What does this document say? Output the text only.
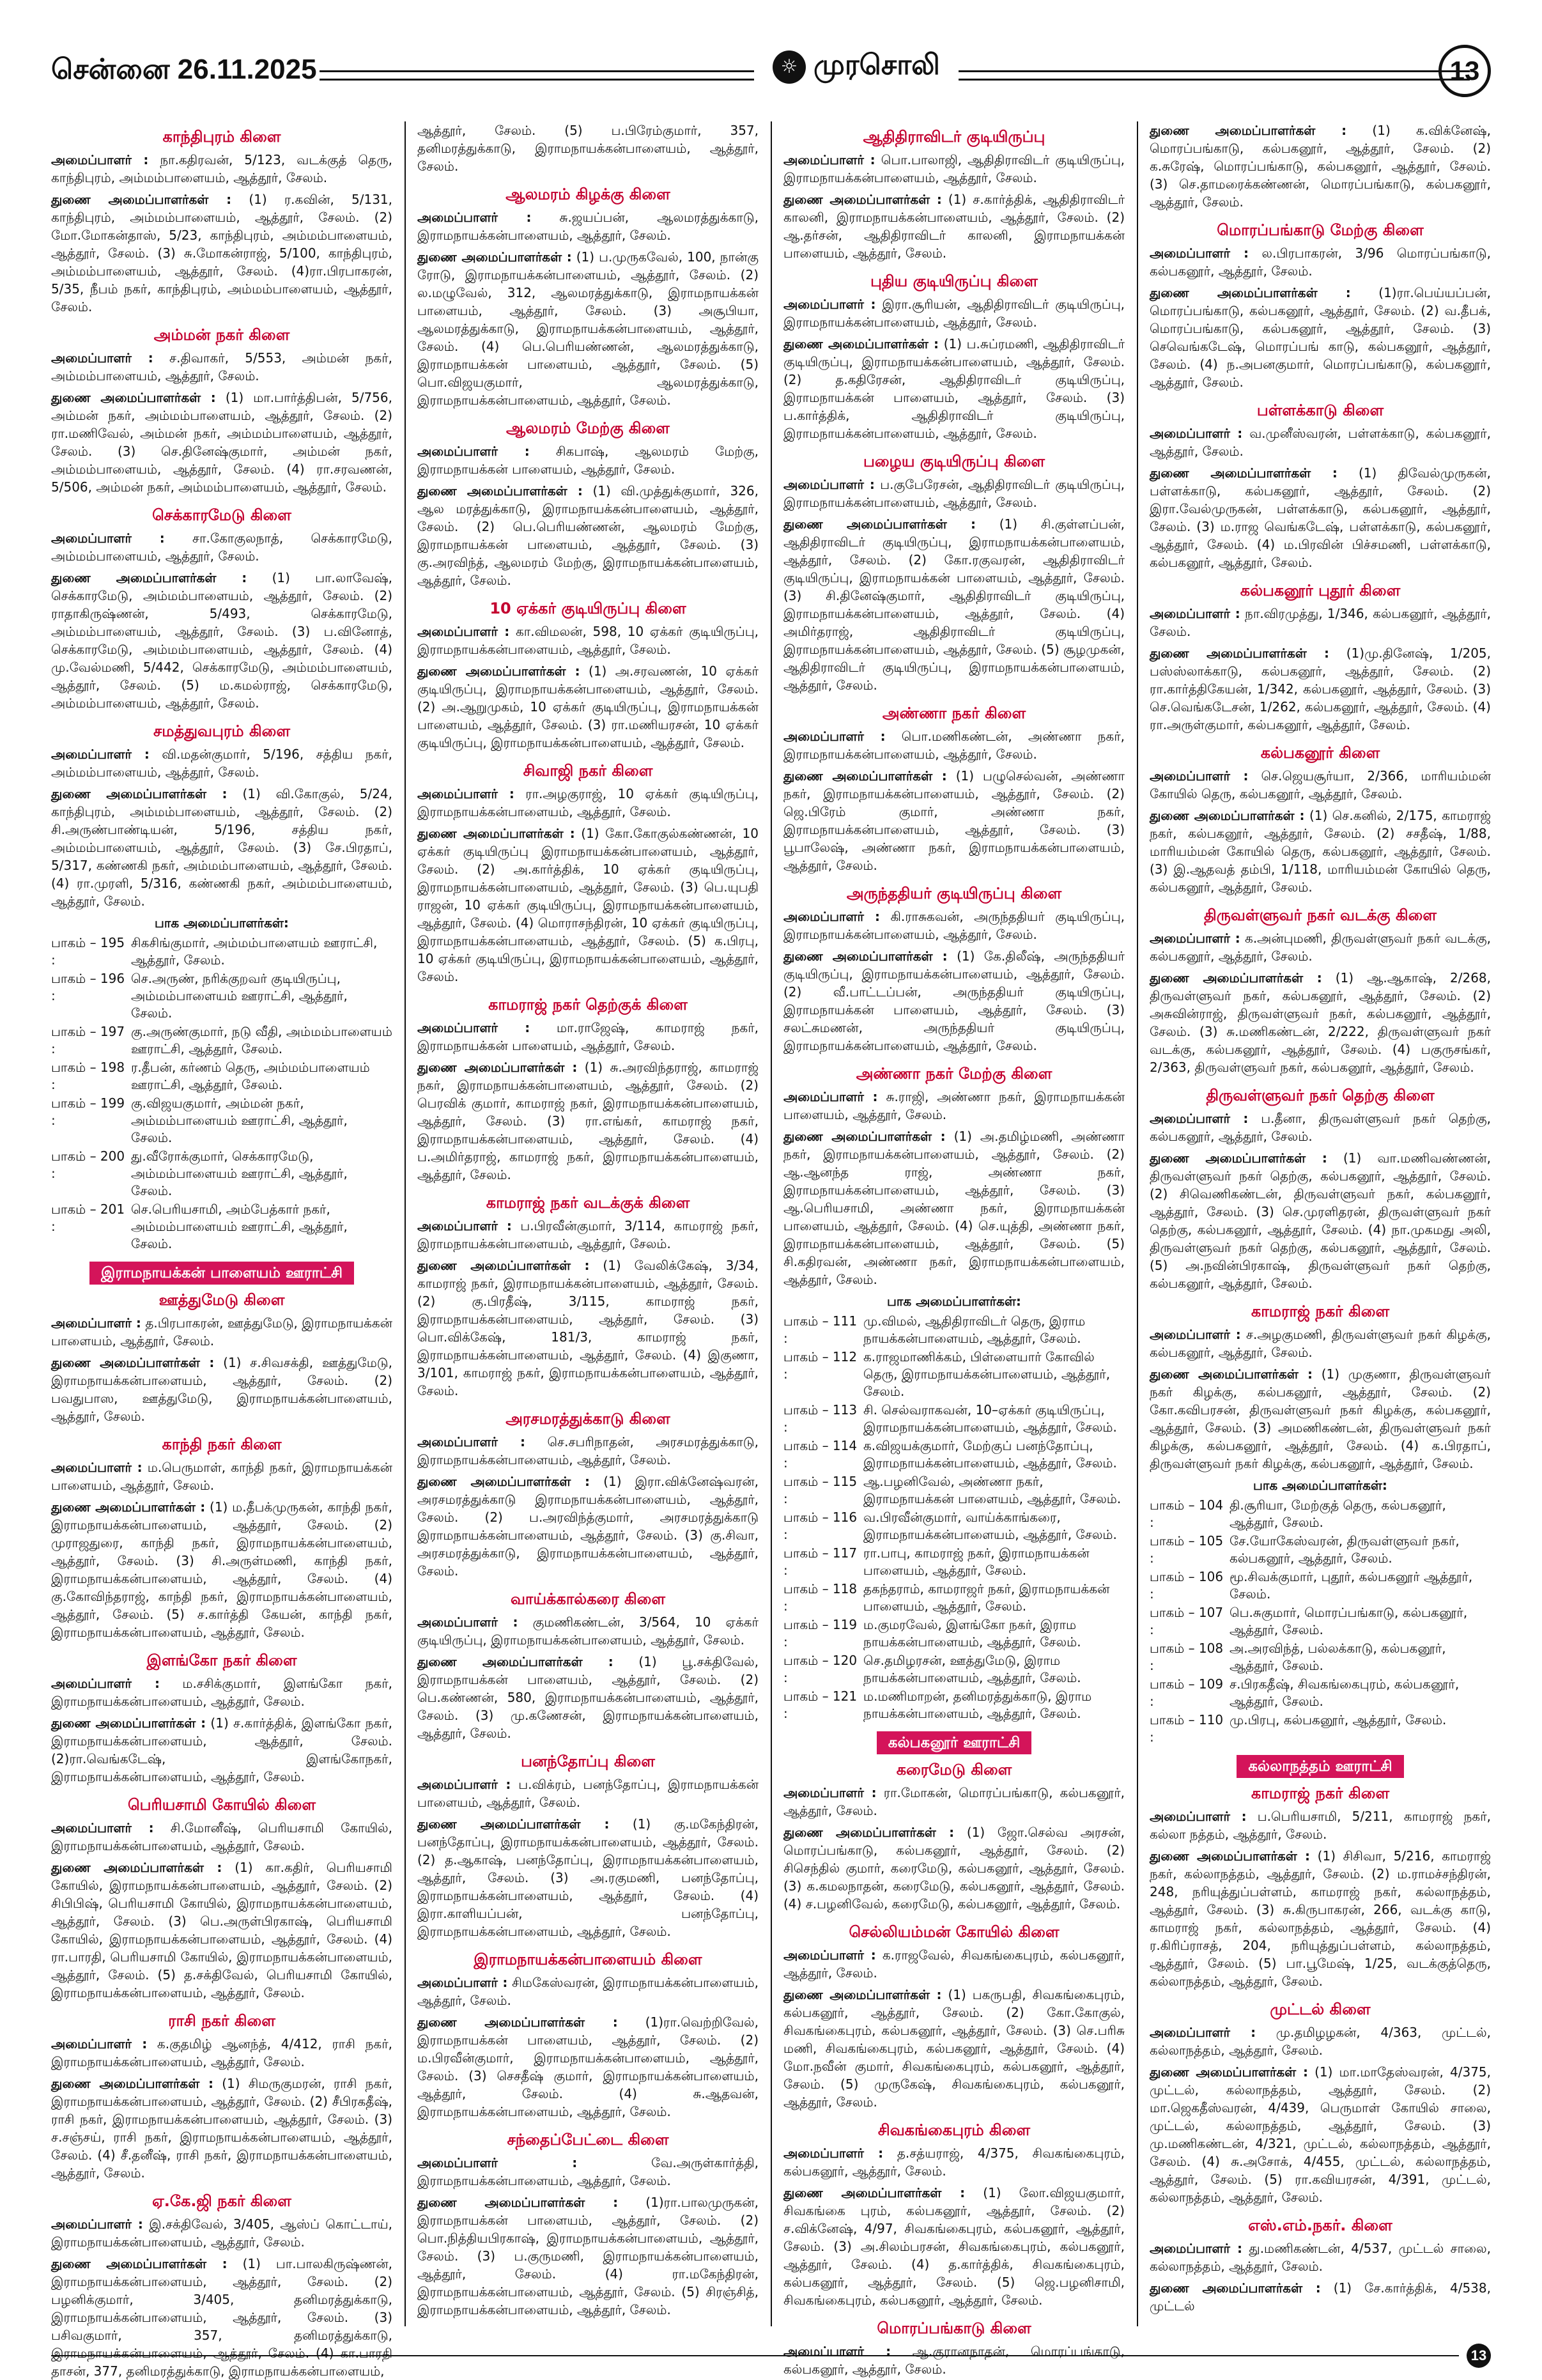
சென்னை 26.11.2025	☼ முரசொலி	13
காந்திபுரம் கிளை
அமைப்பாளர் : நா.கதிரவன், 5/123, வடக்குத் தெரு, காந்திபுரம், அம்மம்பாளையம், ஆத்தூர், சேலம்.
துணை அமைப்பாளர்கள் : (1) ர.கவின், 5/131, காந்திபுரம், அம்மம்பாளையம், ஆத்தூர், சேலம். (2) மோ.மோகன்தாஸ், 5/23, காந்திபுரம், அம்மம்பாளையம், ஆத்தூர், சேலம். (3) சு.மோகன்ராஜ், 5/100, காந்திபுரம், அம்மம்பாளையம், ஆத்தூர், சேலம். (4)ரா.பிரபாகரன், 5/35, நீபம் நகர், காந்திபுரம், அம்மம்பாளையம், ஆத்தூர், சேலம்.
அம்மன் நகர் கிளை
அமைப்பாளர் : ச.திவாகர், 5/553, அம்மன் நகர், அம்மம்பாளையம், ஆத்தூர், சேலம்.
துணை அமைப்பாளர்கள் : (1) மா.பார்த்திபன், 5/756, அம்மன் நகர், அம்மம்பாளையம், ஆத்தூர், சேலம். (2) ரா.மணிவேல், அம்மன் நகர், அம்மம்பாளையம், ஆத்தூர், சேலம். (3) செ.தினேஷ்குமார், அம்மன் நகர், அம்மம்பாளையம், ஆத்தூர், சேலம். (4) ரா.சரவணன், 5/506, அம்மன் நகர், அம்மம்பாளையம், ஆத்தூர், சேலம்.
செக்காரமேடு கிளை
அமைப்பாளர் : சா.கோகுலநாத், செக்காரமேடு, அம்மம்பாளையம், ஆத்தூர், சேலம்.
துணை அமைப்பாளர்கள் : (1) பா.லாவேஷ், செக்காரமேடு, அம்மம்பாளையம், ஆத்தூர், சேலம். (2) ராதாகிருஷ்ணன், 5/493, செக்காரமேடு, அம்மம்பாளையம், ஆத்தூர், சேலம். (3) ப.வினோத், செக்காரமேடு, அம்மம்பாளையம், ஆத்தூர், சேலம். (4) மு.வேல்மணி, 5/442, செக்காரமேடு, அம்மம்பாளையம், ஆத்தூர், சேலம். (5) ம.கமல்ராஜ், செக்காரமேடு, அம்மம்பாளையம், ஆத்தூர், சேலம்.
சமத்துவபுரம் கிளை
அமைப்பாளர் : வி.மதன்குமார், 5/196, சத்திய நகர், அம்மம்பாளையம், ஆத்தூர், சேலம்.
துணை அமைப்பாளர்கள் : (1) வி.கோகுல், 5/24, காந்திபுரம், அம்மம்பாளையம், ஆத்தூர், சேலம். (2) சி.அருண்பாண்டியன், 5/196, சத்திய நகர், அம்மம்பாளையம், ஆத்தூர், சேலம். (3) சே.பிரதாப், 5/317, கண்ணகி நகர், அம்மம்பாளையம், ஆத்தூர், சேலம். (4) ரா.முரளி, 5/316, கண்ணகி நகர், அம்மம்பாளையம், ஆத்தூர், சேலம்.
பாக அமைப்பாளர்கள்:
பாகம் – 195 :
சிகசிங்குமார், அம்மம்பாளையம் ஊராட்சி, ஆத்தூர், சேலம்.
பாகம் – 196 :
செ.அருண், நரிக்குறவர் குடியிருப்பு, அம்மம்பாளையம் ஊராட்சி, ஆத்தூர், சேலம்.
பாகம் – 197 :
கு.அருண்குமார், நடு வீதி, அம்மம்பாளையம் ஊராட்சி, ஆத்தூர், சேலம்.
பாகம் – 198 :
ர.தீபன், கர்ணம் தெரு, அம்மம்பாளையம் ஊராட்சி, ஆத்தூர், சேலம்.
பாகம் – 199 :
கு.விஜயகுமார், அம்மன் நகர், அம்மம்பாளையம் ஊராட்சி, ஆத்தூர், சேலம்.
பாகம் – 200 :
து.வீரோக்குமார், செக்காரமேடு, அம்மம்பாளையம் ஊராட்சி, ஆத்தூர், சேலம்.
பாகம் – 201 :
செ.பெரியசாமி, அம்பேத்கார் நகர், அம்மம்பாளையம் ஊராட்சி, ஆத்தூர், சேலம்.
இராமநாயக்கன் பாளையம் ஊராட்சி
ஊத்துமேடு கிளை
அமைப்பாளர் : த.பிரபாகரன், ஊத்துமேடு, இராமநாயக்கன் பாளையம், ஆத்தூர், சேலம்.
துணை அமைப்பாளர்கள் : (1) ச.சிவசக்தி, ஊத்துமேடு, இராமநாயக்கன்பாளையம், ஆத்தூர், சேலம். (2) பவதுபாஸ, ஊத்துமேடு, இராமநாயக்கன்பாளையம், ஆத்தூர், சேலம்.
காந்தி நகர் கிளை
அமைப்பாளர் : ம.பெருமாள், காந்தி நகர், இராமநாயக்கன் பாளையம், ஆத்தூர், சேலம்.
துணை அமைப்பாளர்கள் : (1) ம.தீபக்முருகன், காந்தி நகர், இராமநாயக்கன்பாளையம், ஆத்தூர், சேலம். (2) முராஜதுரை, காந்தி நகர், இராமநாயக்கன்பாளையம், ஆத்தூர், சேலம். (3) சி.அருள்மணி, காந்தி நகர், இராமநாயக்கன்பாளையம், ஆத்தூர், சேலம். (4) கு.கோவிந்தராஜ், காந்தி நகர், இராமநாயக்கன்பாளையம், ஆத்தூர், சேலம். (5) ச.கார்த்தி கேயன், காந்தி நகர், இராமநாயக்கன்பாளையம், ஆத்தூர், சேலம்.
இளங்கோ நகர் கிளை
அமைப்பாளர் : ம.சசிக்குமார், இளங்கோ நகர், இராமநாயக்கன்பாளையம், ஆத்தூர், சேலம்.
துணை அமைப்பாளர்கள் : (1) ச.கார்த்திக், இளங்கோ நகர், இராமநாயக்கன்பாளையம், ஆத்தூர், சேலம். (2)ரா.வெங்கடேஷ், இளங்கோநகர், இராமநாயக்கன்பாளையம், ஆத்தூர், சேலம்.
பெரியசாமி கோயில் கிளை
அமைப்பாளர் : சி.மோனீஷ், பெரியசாமி கோயில், இராமநாயக்கன்பாளையம், ஆத்தூர், சேலம்.
துணை அமைப்பாளர்கள் : (1) கா.கதிர், பெரியசாமி கோயில், இராமநாயக்கன்பாளையம், ஆத்தூர், சேலம். (2) சிபிபிஷ், பெரியசாமி கோயில், இராமநாயக்கன்பாளையம், ஆத்தூர், சேலம். (3) பெ.அருள்பிரகாஷ், பெரியசாமி கோயில், இராமநாயக்கன்பாளையம், ஆத்தூர், சேலம். (4) ரா.பாரதி, பெரியசாமி கோயில், இராமநாயக்கன்பாளையம், ஆத்தூர், சேலம். (5) த.சக்திவேல், பெரியசாமி கோயில், இராமநாயக்கன்பாளையம், ஆத்தூர், சேலம்.
ராசி நகர் கிளை
அமைப்பாளர் : க.குதமிழ் ஆனந்த், 4/412, ராசி நகர், இராமநாயக்கன்பாளையம், ஆத்தூர், சேலம்.
துணை அமைப்பாளர்கள் : (1) சிமருகுமரன், ராசி நகர், இராமநாயக்கன்பாளையம், ஆத்தூர், சேலம். (2) சீபிரகதீஷ், ராசி நகர், இராமநாயக்கன்பாளையம், ஆத்தூர், சேலம். (3) ச.சஞ்சய், ராசி நகர், இராமநாயக்கன்பாளையம், ஆத்தூர், சேலம். (4) சீ.தனீஷ், ராசி நகர், இராமநாயக்கன்பாளையம், ஆத்தூர், சேலம்.
ஏ.கே.ஜி நகர் கிளை
அமைப்பாளர் : இ.சக்திவேல், 3/405, ஆஸ்ப் கொட்டாய், இராமநாயக்கன்பாளையம், ஆத்தூர், சேலம்.
துணை அமைப்பாளர்கள் : (1) பா.பாலகிருஷ்ணன், இராமநாயக்கன்பாளையம், ஆத்தூர், சேலம். (2) பழனிக்குமார், 3/405, தனிமரத்துக்காடு, இராமநாயக்கன்பாளையம், ஆத்தூர், சேலம். (3) பசிவகுமார், 357, தனிமரத்துக்காடு, இராமநாயக்கன்பாளையம், ஆத்தூர், சேலம். (4) கா.பாரதி தாசன், 377, தனிமரத்துக்காடு, இராமநாயக்கன்பாளையம்,
ஆத்தூர், சேலம். (5) ப.பிரேம்குமார், 357, தனிமரத்துக்காடு, இராமநாயக்கன்பாளையம், ஆத்தூர், சேலம்.
ஆலமரம் கிழக்கு கிளை
அமைப்பாளர் : சு.ஜயப்பன், ஆலமரத்துக்காடு, இராமநாயக்கன்பாளையம், ஆத்தூர், சேலம்.
துணை அமைப்பாளர்கள் : (1) ப.முருகவேல், 100, நான்கு ரோடு, இராமநாயக்கன்பாளையம், ஆத்தூர், சேலம். (2) ல.மழுவேல், 312, ஆலமரத்துக்காடு, இராமநாயக்கன் பாளையம், ஆத்தூர், சேலம். (3) அசூபியா, ஆலமரத்துக்காடு, இராமநாயக்கன்பாளையம், ஆத்தூர், சேலம். (4) பெ.பெரியண்ணன், ஆலமரத்துக்காடு, இராமநாயக்கன் பாளையம், ஆத்தூர், சேலம். (5) பொ.விஜயகுமார், ஆலமரத்துக்காடு, இராமநாயக்கன்பாளையம், ஆத்தூர், சேலம்.
ஆலமரம் மேற்கு கிளை
அமைப்பாளர் : சிகபாஷ், ஆலமரம் மேற்கு, இராமநாயக்கன் பாளையம், ஆத்தூர், சேலம்.
துணை அமைப்பாளர்கள் : (1) வி.முத்துக்குமார், 326, ஆல மரத்துக்காடு, இராமநாயக்கன்பாளையம், ஆத்தூர், சேலம். (2) பெ.பெரியண்ணன், ஆலமரம் மேற்கு, இராமநாயக்கன் பாளையம், ஆத்தூர், சேலம். (3) கு.அரவிந்த், ஆலமரம் மேற்கு, இராமநாயக்கன்பாளையம், ஆத்தூர், சேலம்.
10 ஏக்கர் குடியிருப்பு கிளை
அமைப்பாளர் : கா.விமலன், 598, 10 ஏக்கர் குடியிருப்பு, இராமநாயக்கன்பாளையம், ஆத்தூர், சேலம்.
துணை அமைப்பாளர்கள் : (1) அ.சரவணன், 10 ஏக்கர் குடியிருப்பு, இராமநாயக்கன்பாளையம், ஆத்தூர், சேலம். (2) அ.ஆறுமுகம், 10 ஏக்கர் குடியிருப்பு, இராமநாயக்கன் பாளையம், ஆத்தூர், சேலம். (3) ரா.மணியரசன், 10 ஏக்கர் குடியிருப்பு, இராமநாயக்கன்பாளையம், ஆத்தூர், சேலம்.
சிவாஜி நகர் கிளை
அமைப்பாளர் : ரா.அழகுராஜ், 10 ஏக்கர் குடியிருப்பு, இராமநாயக்கன்பாளையம், ஆத்தூர், சேலம்.
துணை அமைப்பாளர்கள் : (1) கோ.கோகுல்கண்ணன், 10 ஏக்கர் குடியிருப்பு இராமநாயக்கன்பாளையம், ஆத்தூர், சேலம். (2) அ.கார்த்திக், 10 ஏக்கர் குடியிருப்பு, இராமநாயக்கன்பாளையம், ஆத்தூர், சேலம். (3) பெ.யுபதி ராஜன், 10 ஏக்கர் குடியிருப்பு, இராமநாயக்கன்பாளையம், ஆத்தூர், சேலம். (4) மொராசந்திரன், 10 ஏக்கர் குடியிருப்பு, இராமநாயக்கன்பாளையம், ஆத்தூர், சேலம். (5) க.பிரபு, 10 ஏக்கர் குடியிருப்பு, இராமநாயக்கன்பாளையம், ஆத்தூர், சேலம்.
காமராஜ் நகர் தெற்குக் கிளை
அமைப்பாளர் : மா.ராஜேஷ், காமராஜ் நகர், இராமநாயக்கன் பாளையம், ஆத்தூர், சேலம்.
துணை அமைப்பாளர்கள் : (1) சு.அரவிந்தராஜ், காமராஜ் நகர், இராமநாயக்கன்பாளையம், ஆத்தூர், சேலம். (2) பெரவிக் குமார், காமராஜ் நகர், இராமநாயக்கன்பாளையம், ஆத்தூர், சேலம். (3) ரா.எங்கர், காமராஜ் நகர், இராமநாயக்கன்பாளையம், ஆத்தூர், சேலம். (4) ப.அமிர்தராஜ், காமராஜ் நகர், இராமநாயக்கன்பாளையம், ஆத்தூர், சேலம்.
காமராஜ் நகர் வடக்குக் கிளை
அமைப்பாளர் : ப.பிரவீன்குமார், 3/114, காமராஜ் நகர், இராமநாயக்கன்பாளையம், ஆத்தூர், சேலம்.
துணை அமைப்பாளர்கள் : (1) வேலிக்கேஷ், 3/34, காமராஜ் நகர், இராமநாயக்கன்பாளையம், ஆத்தூர், சேலம். (2) கு.பிரதீஷ், 3/115, காமராஜ் நகர், இராமநாயக்கன்பாளையம், ஆத்தூர், சேலம். (3) பொ.விக்கேஷ், 181/3, காமராஜ் நகர், இராமநாயக்கன்பாளையம், ஆத்தூர், சேலம். (4) இகுணா, 3/101, காமராஜ் நகர், இராமநாயக்கன்பாளையம், ஆத்தூர், சேலம்.
அரசமரத்துக்காடு கிளை
அமைப்பாளர் : செ.சபரிநாதன், அரசமரத்துக்காடு, இராமநாயக்கன்பாளையம், ஆத்தூர், சேலம்.
துணை அமைப்பாளர்கள் : (1) இரா.விக்னேஷ்வரன், அரசமரத்துக்காடு இராமநாயக்கன்பாளையம், ஆத்தூர், சேலம். (2) ப.அரவிந்த்குமார், அரசமரத்துக்காடு இராமநாயக்கன்பாளையம், ஆத்தூர், சேலம். (3) கு.சிவா, அரசமரத்துக்காடு, இராமநாயக்கன்பாளையம், ஆத்தூர், சேலம்.
வாய்க்கால்கரை கிளை
அமைப்பாளர் : குமணிகண்டன், 3/564, 10 ஏக்கர் குடியிருப்பு, இராமநாயக்கன்பாளையம், ஆத்தூர், சேலம்.
துணை அமைப்பாளர்கள் : (1) பூ.சக்திவேல், இராமநாயக்கன் பாளையம், ஆத்தூர், சேலம். (2) பெ.கண்ணன், 580, இராமநாயக்கன்பாளையம், ஆத்தூர், சேலம். (3) மு.கணேசன், இராமநாயக்கன்பாளையம், ஆத்தூர், சேலம்.
பனந்தோப்பு கிளை
அமைப்பாளர் : ப.விக்ரம், பனந்தோப்பு, இராமநாயக்கன் பாளையம், ஆத்தூர், சேலம்.
துணை அமைப்பாளர்கள் : (1) கு.மகேந்திரன், பனந்தோப்பு, இராமநாயக்கன்பாளையம், ஆத்தூர், சேலம். (2) த.ஆகாஷ், பனந்தோப்பு, இராமநாயக்கன்பாளையம், ஆத்தூர், சேலம். (3) அ.ரகுமணி, பனந்தோப்பு, இராமநாயக்கன்பாளையம், ஆத்தூர், சேலம். (4) இரா.காளியப்பன், பனந்தோப்பு, இராமநாயக்கன்பாளையம், ஆத்தூர், சேலம்.
இராமநாயக்கன்பாளையம் கிளை
அமைப்பாளர் : சிமகேஸ்வரன், இராமநாயக்கன்பாளையம், ஆத்தூர், சேலம்.
துணை அமைப்பாளர்கள் : (1)ரா.வெற்றிவேல், இராமநாயக்கன் பாளையம், ஆத்தூர், சேலம். (2) ம.பிரவீன்குமார், இராமநாயக்கன்பாளையம், ஆத்தூர், சேலம். (3) செசதீஷ் குமார், இராமநாயக்கன்பாளையம், ஆத்தூர், சேலம். (4) சு.ஆதவன், இராமநாயக்கன்பாளையம், ஆத்தூர், சேலம்.
சந்தைப்பேட்டை கிளை
அமைப்பாளர் :	வே.அருள்கார்த்தி, இராமநாயக்கன்பாளையம், ஆத்தூர், சேலம்.
துணை அமைப்பாளர்கள் : (1)ரா.பாலமுருகன், இராமநாயக்கன் பாளையம், ஆத்தூர், சேலம். (2) பொ.நித்தியபிரகாஷ், இராமநாயக்கன்பாளையம், ஆத்தூர், சேலம். (3) ப.குருமணி, இராமநாயக்கன்பாளையம், ஆத்தூர், சேலம். (4) ரா.மகேந்திரன், இராமநாயக்கன்பாளையம், ஆத்தூர், சேலம். (5) சிரஞ்சித், இராமநாயக்கன்பாளையம், ஆத்தூர், சேலம்.
ஆதிதிராவிடர் குடியிருப்பு
அமைப்பாளர் : பொ.பாலாஜி, ஆதிதிராவிடர் குடியிருப்பு, இராமநாயக்கன்பாளையம், ஆத்தூர், சேலம்.
துணை அமைப்பாளர்கள் : (1) ச.கார்த்திக், ஆதிதிராவிடர் காலனி, இராமநாயக்கன்பாளையம், ஆத்தூர், சேலம். (2) ஆ.தர்சன், ஆதிதிராவிடர் காலனி, இராமநாயக்கன் பாளையம், ஆத்தூர், சேலம்.
புதிய குடியிருப்பு கிளை
அமைப்பாளர் : இரா.சூரியன், ஆதிதிராவிடர் குடியிருப்பு, இராமநாயக்கன்பாளையம், ஆத்தூர், சேலம்.
துணை அமைப்பாளர்கள் : (1) ப.சுப்ரமணி, ஆதிதிராவிடர் குடியிருப்பு, இராமநாயக்கன்பாளையம், ஆத்தூர், சேலம். (2) த.கதிரேசன், ஆதிதிராவிடர் குடியிருப்பு, இராமநாயக்கன் பாளையம், ஆத்தூர், சேலம். (3) ப.கார்த்திக், ஆதிதிராவிடர் குடியிருப்பு, இராமநாயக்கன்பாளையம், ஆத்தூர், சேலம்.
பழைய குடியிருப்பு கிளை
அமைப்பாளர் : ப.குபேரேசன், ஆதிதிராவிடர் குடியிருப்பு, இராமநாயக்கன்பாளையம், ஆத்தூர், சேலம்.
துணை அமைப்பாளர்கள் : (1) சி.குள்ளப்பன், ஆதிதிராவிடர் குடியிருப்பு, இராமநாயக்கன்பாளையம், ஆத்தூர், சேலம். (2) கோ.ரகுவரன், ஆதிதிராவிடர் குடியிருப்பு, இராமநாயக்கன் பாளையம், ஆத்தூர், சேலம். (3) சி.தினேஷ்குமார், ஆதிதிராவிடர் குடியிருப்பு, இராமநாயக்கன்பாளையம், ஆத்தூர், சேலம். (4) அமிர்தராஜ், ஆதிதிராவிடர் குடியிருப்பு, இராமநாயக்கன்பாளையம், ஆத்தூர், சேலம். (5) சூழமுகன், ஆதிதிராவிடர் குடியிருப்பு, இராமநாயக்கன்பாளையம், ஆத்தூர், சேலம்.
அண்ணா நகர் கிளை
அமைப்பாளர் : பொ.மணிகண்டன், அண்ணா நகர், இராமநாயக்கன்பாளையம், ஆத்தூர், சேலம்.
துணை அமைப்பாளர்கள் : (1) பழுசெல்வன், அண்ணா நகர், இராமநாயக்கன்பாளையம், ஆத்தூர், சேலம். (2) ஜெ.பிரேம் குமார், அண்ணா நகர், இராமநாயக்கன்பாளையம், ஆத்தூர், சேலம். (3) பூபாலேஷ், அண்ணா நகர், இராமநாயக்கன்பாளையம், ஆத்தூர், சேலம்.
அருந்ததியர் குடியிருப்பு கிளை
அமைப்பாளர் : கி.ராசுகவன், அருந்ததியர் குடியிருப்பு, இராமநாயக்கன்பாளையம், ஆத்தூர், சேலம்.
துணை அமைப்பாளர்கள் : (1) கே.திலீஷ், அருந்ததியர் குடியிருப்பு, இராமநாயக்கன்பாளையம், ஆத்தூர், சேலம். (2) வீ.பாட்டப்பன், அருந்ததியர் குடியிருப்பு, இராமநாயக்கன் பாளையம், ஆத்தூர், சேலம். (3) சலட்சுமணன், அருந்ததியர் குடியிருப்பு, இராமநாயக்கன்பாளையம், ஆத்தூர், சேலம்.
அண்ணா நகர் மேற்கு கிளை
அமைப்பாளர் : சு.ராஜி, அண்ணா நகர், இராமநாயக்கன் பாளையம், ஆத்தூர், சேலம்.
துணை அமைப்பாளர்கள் : (1) அ.தமிழ்மணி, அண்ணா நகர், இராமநாயக்கன்பாளையம், ஆத்தூர், சேலம். (2) ஆ.ஆனந்த ராஜ், அண்ணா நகர், இராமநாயக்கன்பாளையம், ஆத்தூர், சேலம். (3) ஆ.பெரியசாமி, அண்ணா நகர், இராமநாயக்கன் பாளையம், ஆத்தூர், சேலம். (4) செ.யுத்தி, அண்ணா நகர், இராமநாயக்கன்பாளையம், ஆத்தூர், சேலம். (5) சி.கதிரவன், அண்ணா நகர், இராமநாயக்கன்பாளையம், ஆத்தூர், சேலம்.
பாக அமைப்பாளர்கள்:
பாகம் – 111 :
மு.விமல், ஆதிதிராவிடர் தெரு, இராம நாயக்கன்பாளையம், ஆத்தூர், சேலம்.
பாகம் – 112 :
க.ராஜமாணிக்கம், பிள்ளையார் கோவில் தெரு, இராமநாயக்கன்பாளையம், ஆத்தூர், சேலம்.
பாகம் – 113 :
சி. செல்வராகவன், 10–ஏக்கர் குடியிருப்பு, இராமநாயக்கன்பாளையம், ஆத்தூர், சேலம்.
பாகம் – 114 :
க.விஜயக்குமார், மேற்குப் பனந்தோப்பு, இராமநாயக்கன்பாளையம், ஆத்தூர், சேலம்.
பாகம் – 115 :
ஆ.பழனிவேல், அண்ணா நகர், இராமநாயக்கன் பாளையம், ஆத்தூர், சேலம்.
பாகம் – 116 :
வ.பிரவீன்குமார், வாய்க்காங்கரை, இராமநாயக்கன்பாளையம், ஆத்தூர், சேலம்.
பாகம் – 117 :
ரா.பாபு, காமராஜ் நகர், இராமநாயக்கன் பாளையம், ஆத்தூர், சேலம்.
பாகம் – 118 :
தகந்தராம், காமராஜர் நகர், இராமநாயக்கன் பாளையம், ஆத்தூர், சேலம்.
பாகம் – 119 :
ம.குமரவேல், இளங்கோ நகர், இராம நாயக்கன்பாளையம், ஆத்தூர், சேலம்.
பாகம் – 120 :
செ.தமிழரசன், ஊத்துமேடு, இராம நாயக்கன்பாளையம், ஆத்தூர், சேலம்.
பாகம் – 121 :
ம.மணிமாறன், தனிமரத்துக்காடு, இராம நாயக்கன்பாளையம், ஆத்தூர், சேலம்.
கல்பகனூர் ஊராட்சி
கரைமேடு கிளை
அமைப்பாளர் : ரா.மோகன், மொரப்பங்காடு, கல்பகனூர், ஆத்தூர், சேலம்.
துணை அமைப்பாளர்கள் : (1) ஜோ.செல்வ அரசன், மொரப்பங்காடு, கல்பகனூர், ஆத்தூர், சேலம். (2) சிசெந்தில் குமார், கரைமேடு, கல்பகனூர், ஆத்தூர், சேலம். (3) க.கமலநாதன், கரைமேடு, கல்பகனூர், ஆத்தூர், சேலம். (4) ச.பழனிவேல், கரைமேடு, கல்பகனூர், ஆத்தூர், சேலம்.
செல்லியம்மன் கோயில் கிளை
அமைப்பாளர் : க.ராஜவேல், சிவகங்கைபுரம், கல்பகனூர், ஆத்தூர், சேலம்.
துணை அமைப்பாளர்கள் : (1) பகருபதி, சிவகங்கைபுரம், கல்பகனூர், ஆத்தூர், சேலம். (2) கோ.கோகுல், சிவகங்கைபுரம், கல்பகனூர், ஆத்தூர், சேலம். (3) செ.பரிசு மணி, சிவகங்கைபுரம், கல்பகனூர், ஆத்தூர், சேலம். (4) மோ.நவீன் குமார், சிவகங்கைபுரம், கல்பகனூர், ஆத்தூர், சேலம். (5) முருகேஷ், சிவகங்கைபுரம், கல்பகனூர், ஆத்தூர், சேலம்.
சிவகங்கைபுரம் கிளை
அமைப்பாளர் : த.சத்யராஜ், 4/375, சிவகங்கைபுரம், கல்பகனூர், ஆத்தூர், சேலம்.
துணை அமைப்பாளர்கள் : (1) லோ.விஜயகுமார், சிவகங்கை புரம், கல்பகனூர், ஆத்தூர், சேலம். (2) ச.விக்னேஷ், 4/97, சிவகங்கைபுரம், கல்பகனூர், ஆத்தூர், சேலம். (3) அ.சிலம்பரசன், சிவகங்கைபுரம், கல்பகனூர், ஆத்தூர், சேலம். (4) த.கார்த்திக், சிவகங்கைபுரம், கல்பகனூர், ஆத்தூர், சேலம். (5) ஜெ.பழனிசாமி, சிவகங்கைபுரம், கல்பகனூர், ஆத்தூர், சேலம்.
மொரப்பங்காடு கிளை
அமைப்பாளர் : ஆ.குரானநாதன், மொரப்பங்காடு, கல்பகனூர், ஆத்தூர், சேலம்.
துணை அமைப்பாளர்கள் : (1) க.விக்னேஷ், மொரப்பங்காடு, கல்பகனூர், ஆத்தூர், சேலம். (2) க.சுரேஷ், மொரப்பங்காடு, கல்பகனூர், ஆத்தூர், சேலம். (3) செ.தாமரைக்கண்ணன், மொரப்பங்காடு, கல்பகனூர், ஆத்தூர், சேலம்.
மொரப்பங்காடு மேற்கு கிளை
அமைப்பாளர் : ல.பிரபாகரன், 3/96 மொரப்பங்காடு, கல்பகனூர், ஆத்தூர், சேலம்.
துணை அமைப்பாளர்கள் : (1)ரா.பெய்யப்பன், மொரப்பங்காடு, கல்பகனூர், ஆத்தூர், சேலம். (2) வ.தீபக், மொரப்பங்காடு, கல்பகனூர், ஆத்தூர், சேலம். (3) செவெங்கடேஷ், மொரப்பங் காடு, கல்பகனூர், ஆத்தூர், சேலம். (4) ந.அபனகுமார், மொரப்பங்காடு, கல்பகனூர், ஆத்தூர், சேலம்.
பள்ளக்காடு கிளை
அமைப்பாளர் : வ.முனீஸ்வரன், பள்ளக்காடு, கல்பகனூர், ஆத்தூர், சேலம்.
துணை அமைப்பாளர்கள் : (1) திவேல்முருகன், பள்ளக்காடு, கல்பகனூர், ஆத்தூர், சேலம். (2) இரா.வேல்முருகன், பள்ளக்காடு, கல்பகனூர், ஆத்தூர், சேலம். (3) ம.ராஜ வெங்கடேஷ், பள்ளக்காடு, கல்பகனூர், ஆத்தூர், சேலம். (4) ம.பிரவின் பிச்சமணி, பள்ளக்காடு, கல்பகனூர், ஆத்தூர், சேலம்.
கல்பகனூர் புதூர் கிளை
அமைப்பாளர் : நா.விரமுத்து, 1/346, கல்பகனூர், ஆத்தூர், சேலம்.
துணை அமைப்பாளர்கள் : (1)மு.தினேஷ், 1/205, பஸ்ஸ்லாக்காடு, கல்பகனூர், ஆத்தூர், சேலம். (2) ரா.கார்த்திகேயன், 1/342, கல்பகனூர், ஆத்தூர், சேலம். (3) செ.வெங்கடேசன், 1/262, கல்பகனூர், ஆத்தூர், சேலம். (4) ரா.அருள்குமார், கல்பகனூர், ஆத்தூர், சேலம்.
கல்பகனூர் கிளை
அமைப்பாளர் : செ.ஜெயசூர்யா, 2/366, மாரியம்மன் கோயில் தெரு, கல்பகனூர், ஆத்தூர், சேலம்.
துணை அமைப்பாளர்கள் : (1) செ.கனில், 2/175, காமராஜ் நகர், கல்பகனூர், ஆத்தூர், சேலம். (2) சசதீஷ், 1/88, மாரியம்மன் கோயில் தெரு, கல்பகனூர், ஆத்தூர், சேலம். (3) இ.ஆதவத் தம்பி, 1/118, மாரியம்மன் கோயில் தெரு, கல்பகனூர், ஆத்தூர், சேலம்.
திருவள்ளுவர் நகர் வடக்கு கிளை
அமைப்பாளர் : க.அன்புமணி, திருவள்ளுவர் நகர் வடக்கு, கல்பகனூர், ஆத்தூர், சேலம்.
துணை அமைப்பாளர்கள் : (1) ஆ.ஆகாஷ், 2/268, திருவள்ளுவர் நகர், கல்பகனூர், ஆத்தூர், சேலம். (2) அசுவின்ராஜ், திருவள்ளுவர் நகர், கல்பகனூர், ஆத்தூர், சேலம். (3) சு.மணிகண்டன், 2/222, திருவள்ளுவர் நகர் வடக்கு, கல்பகனூர், ஆத்தூர், சேலம். (4) பகுருசங்கர், 2/363, திருவள்ளுவர் நகர், கல்பகனூர், ஆத்தூர், சேலம்.
திருவள்ளுவர் நகர் தெற்கு கிளை
அமைப்பாளர் : ப.தீனா, திருவள்ளுவர் நகர் தெற்கு, கல்பகனூர், ஆத்தூர், சேலம்.
துணை அமைப்பாளர்கள் : (1) வா.மணிவண்ணன், திருவள்ளுவர் நகர் தெற்கு, கல்பகனூர், ஆத்தூர், சேலம். (2) சிவெணிகண்டன், திருவள்ளுவர் நகர், கல்பகனூர், ஆத்தூர், சேலம். (3) செ.முரளிதரன், திருவள்ளுவர் நகர் தெற்கு, கல்பகனூர், ஆத்தூர், சேலம். (4) நா.முகமது அலி, திருவள்ளுவர் நகர் தெற்கு, கல்பகனூர், ஆத்தூர், சேலம். (5) அ.நவின்பிரகாஷ், திருவள்ளுவர் நகர் தெற்கு, கல்பகனூர், ஆத்தூர், சேலம்.
காமராஜ் நகர் கிளை
அமைப்பாளர் : ச.அழகுமணி, திருவள்ளுவர் நகர் கிழக்கு, கல்பகனூர், ஆத்தூர், சேலம்.
துணை அமைப்பாளர்கள் : (1) முகுணா, திருவள்ளுவர் நகர் கிழக்கு, கல்பகனூர், ஆத்தூர், சேலம். (2) கோ.கவிபரசன், திருவள்ளுவர் நகர் கிழக்கு, கல்பகனூர், ஆத்தூர், சேலம். (3) அமணிகண்டன், திருவள்ளுவர் நகர் கிழக்கு, கல்பகனூர், ஆத்தூர், சேலம். (4) க.பிரதாப், திருவள்ளுவர் நகர் கிழக்கு, கல்பகனூர், ஆத்தூர், சேலம்.
பாக அமைப்பாளர்கள்:
பாகம் – 104 :
தி.சூரியா, மேற்குத் தெரு, கல்பகனூர், ஆத்தூர், சேலம்.
பாகம் – 105 :
சே.யோகேஸ்வரன், திருவள்ளுவர் நகர், கல்பகனூர், ஆத்தூர், சேலம்.
பாகம் – 106 :
மூ.சிவக்குமார், புதூர், கல்பகனூர் ஆத்தூர், சேலம்.
பாகம் – 107 :
பெ.சுகுமார், மொரப்பங்காடு, கல்பகனூர், ஆத்தூர், சேலம்.
பாகம் – 108 :
அ.அரவிந்த், பல்லக்காடு, கல்பகனூர், ஆத்தூர், சேலம்.
பாகம் – 109 :
ச.பிரகதீஷ், சிவகங்கைபுரம், கல்பகனூர், ஆத்தூர், சேலம்.
பாகம் – 110 :
மு.பிரபு, கல்பகனூர், ஆத்தூர், சேலம்.
கல்லாநத்தம் ஊராட்சி
காமராஜ் நகர் கிளை
அமைப்பாளர் : ப.பெரியசாமி, 5/211, காமராஜ் நகர், கல்லா நத்தம், ஆத்தூர், சேலம்.
துணை அமைப்பாளர்கள் : (1) சிசிவா, 5/216, காமராஜ் நகர், கல்லாநத்தம், ஆத்தூர், சேலம். (2) ம.ராமச்சந்திரன், 248, நரியுத்துப்பள்ளம், காமராஜ் நகர், கல்லாநத்தம், ஆத்தூர், சேலம். (3) சு.கிருபாகரன், 266, வடக்கு காடு, காமராஜ் நகர், கல்லாநத்தம், ஆத்தூர், சேலம். (4) ர.கிரிப்ராசத், 204, நரியுத்துப்பள்ளம், கல்லாநத்தம், ஆத்தூர், சேலம். (5) பா.பூமேஷ், 1/25, வடக்குத்தெரு, கல்லாநத்தம், ஆத்தூர், சேலம்.
முட்டல் கிளை
அமைப்பாளர் : மு.தமிழழகன், 4/363, முட்டல், கல்லாநத்தம், ஆத்தூர், சேலம்.
துணை அமைப்பாளர்கள் : (1) மா.மாதேஸ்வரன், 4/375, முட்டல், கல்லாநத்தம், ஆத்தூர், சேலம். (2) மா.ஜெகதீஸ்வரன், 4/439, பெருமாள் கோயில் சாலை, முட்டல், கல்லாநத்தம், ஆத்தூர், சேலம். (3) மு.மணிகண்டன், 4/321, முட்டல், கல்லாநத்தம், ஆத்தூர், சேலம். (4) சு.அசோக், 4/455, முட்டல், கல்லாநத்தம், ஆத்தூர், சேலம். (5) ரா.கவியரசன், 4/391, முட்டல், கல்லாநத்தம், ஆத்தூர், சேலம்.
எஸ்.எம்.நகர். கிளை
அமைப்பாளர் : து.மணிகண்டன், 4/537, முட்டல் சாலை, கல்லாநத்தம், ஆத்தூர், சேலம்.
துணை அமைப்பாளர்கள் : (1) சே.கார்த்திக், 4/538, முட்டல்
13
